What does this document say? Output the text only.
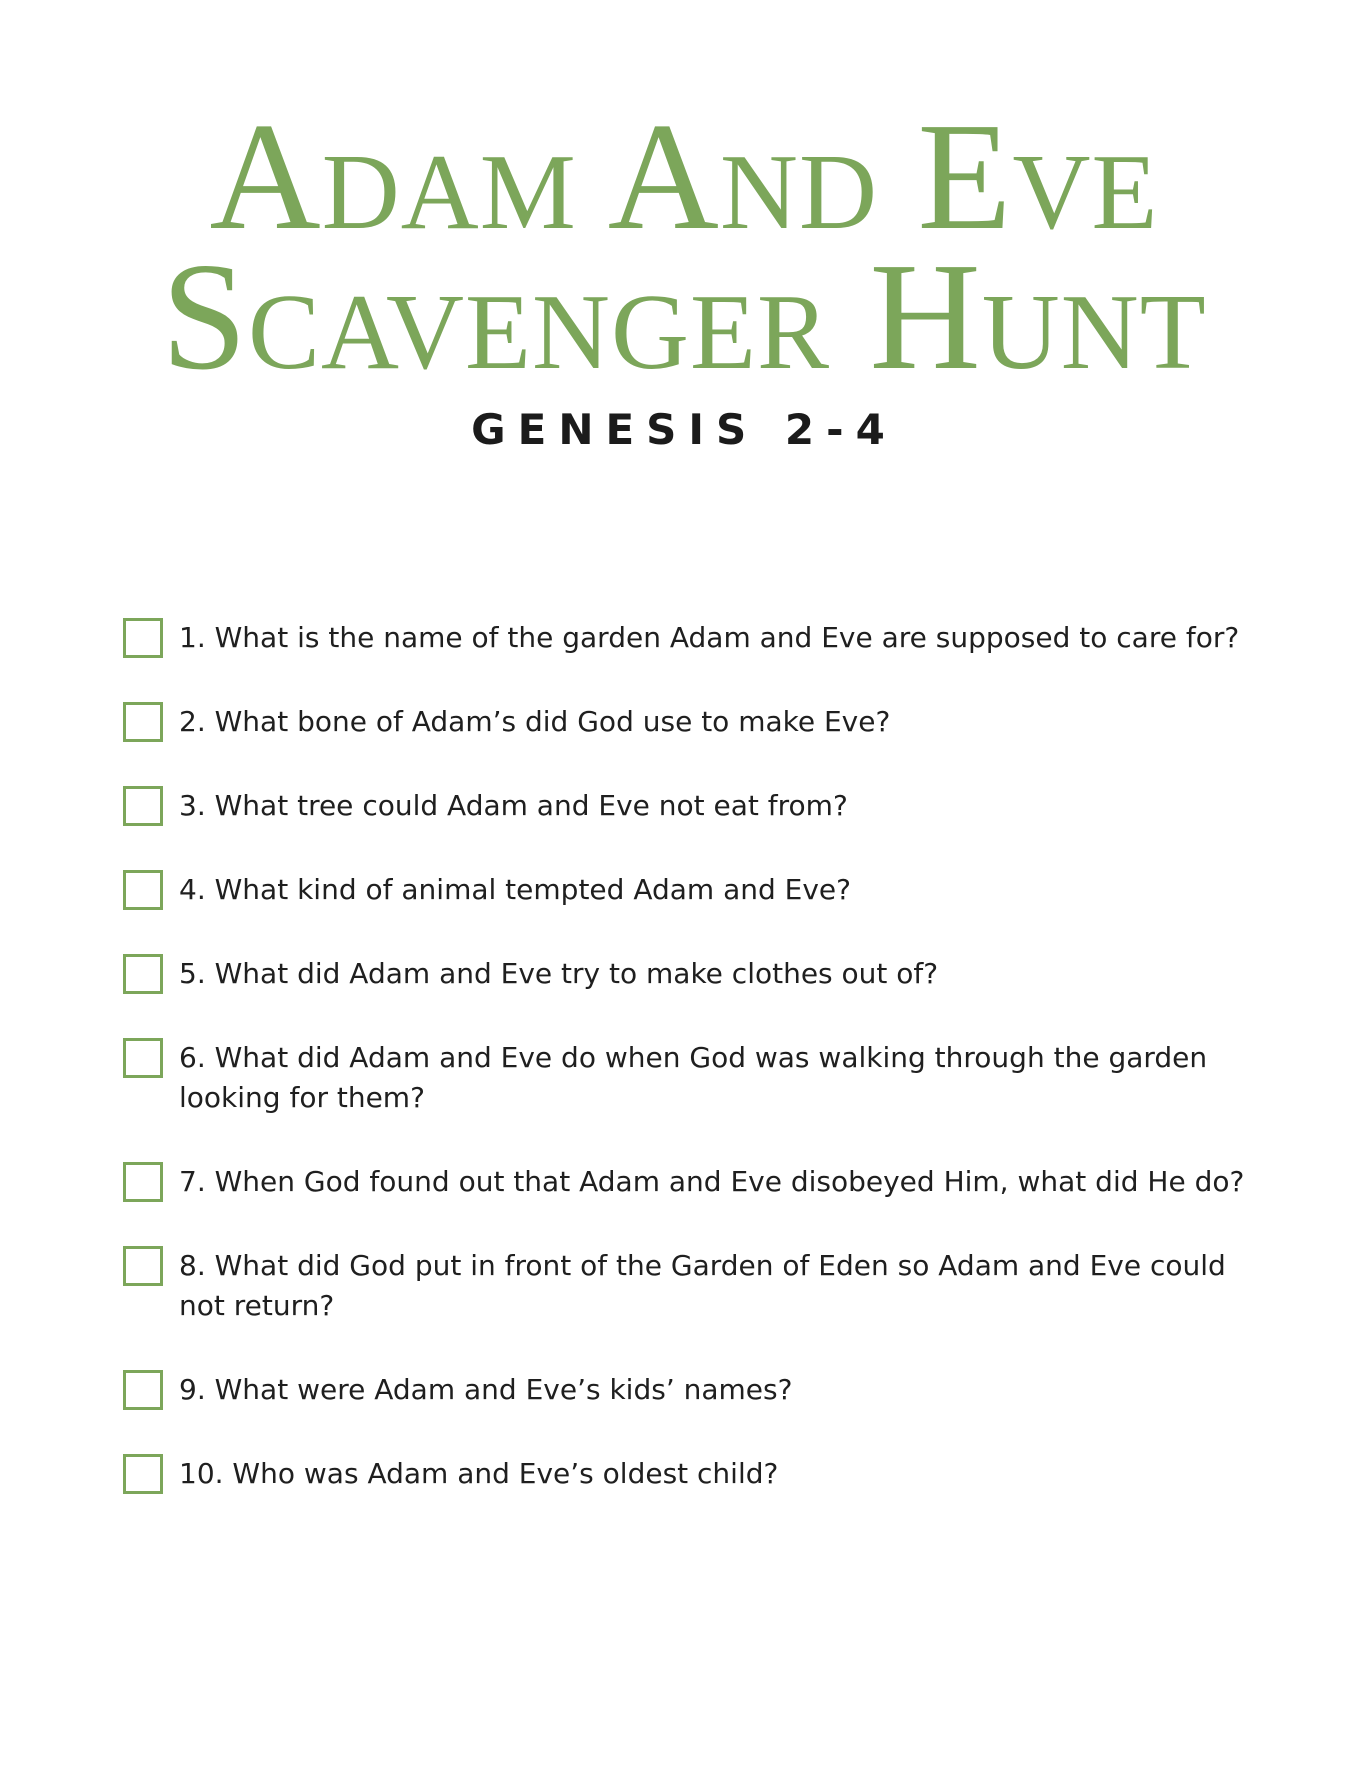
Adam And Eve
Scavenger Hunt
GENESIS 2-4
1. What is the name of the garden Adam and Eve are supposed to care for?
2. What bone of Adam’s did God use to make Eve?
3. What tree could Adam and Eve not eat from?
4. What kind of animal tempted Adam and Eve?
5. What did Adam and Eve try to make clothes out of?
6. What did Adam and Eve do when God was walking through the garden looking for them?
7. When God found out that Adam and Eve disobeyed Him, what did He do?
8. What did God put in front of the Garden of Eden so Adam and Eve could not return?
9. What were Adam and Eve’s kids’ names?
10. Who was Adam and Eve’s oldest child?
